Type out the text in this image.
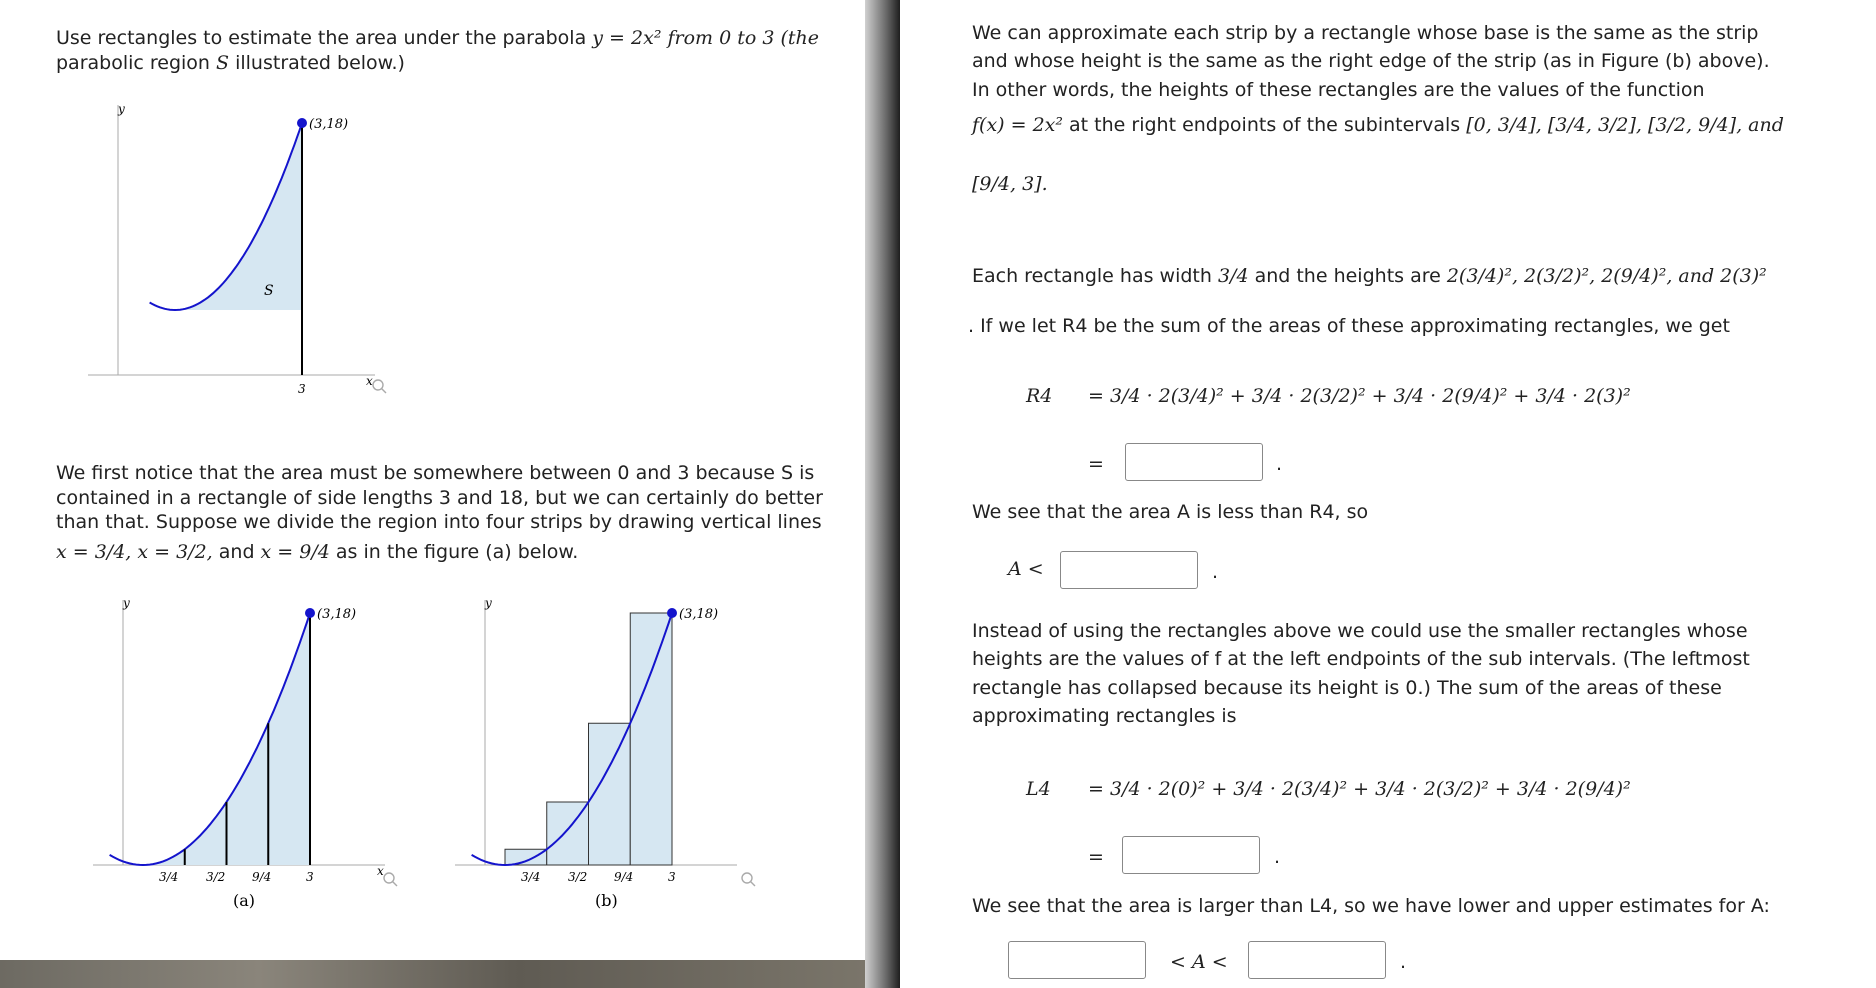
Use rectangles to estimate the area under the parabola y = 2x² from 0 to 3 (the
parabolic region S illustrated below.)
y
x
(3,18)
S
3
We first notice that the area must be somewhere between 0 and 3 because S is
contained in a rectangle of side lengths 3 and 18, but we can certainly do better
than that. Suppose we divide the region into four strips by drawing vertical lines
x = 3/4, x = 3/2, and x = 9/4 as in the figure (a) below.
y
x
(3,18)
3/4 3/2 9/4	3
(a)
y
(3,18)
3/4 3/2 9/4	3
(b)
We can approximate each strip by a rectangle whose base is the same as the strip
and whose height is the same as the right edge of the strip (as in Figure (b) above).
In other words, the heights of these rectangles are the values of the function
f(x) = 2x² at the right endpoints of the subintervals [0, 3/4], [3/4, 3/2], [3/2, 9/4], and
[9/4, 3].
Each rectangle has width 3/4 and the heights are 2(3/4)², 2(3/2)², 2(9/4)², and 2(3)²
. If we let R4 be the sum of the areas of these approximating rectangles, we get
R4 = 3/4 · 2(3/4)² + 3/4 · 2(3/2)² + 3/4 · 2(9/4)² + 3/4 · 2(3)²
=	.
We see that the area A is less than R4, so
A <	.
Instead of using the rectangles above we could use the smaller rectangles whose
heights are the values of f at the left endpoints of the sub intervals. (The leftmost
rectangle has collapsed because its height is 0.) The sum of the areas of these
approximating rectangles is
L4 = 3/4 · 2(0)² + 3/4 · 2(3/4)² + 3/4 · 2(3/2)² + 3/4 · 2(9/4)²
=	.
We see that the area is larger than L4, so we have lower and upper estimates for A:
< A <	.
